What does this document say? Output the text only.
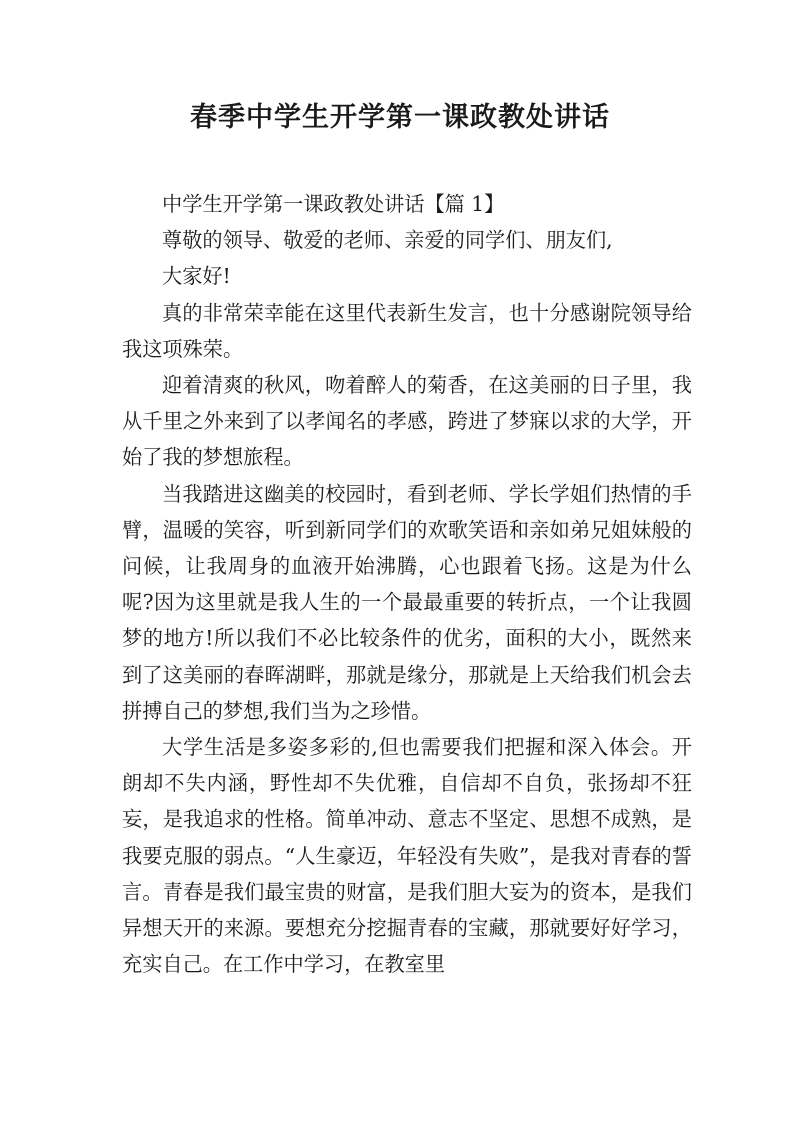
春季中学生开学第一课政教处讲话

中学生开学第一课政教处讲话【篇 1】

尊敬的领导、敬爱的老师、亲爱的同学们、朋友们,

大家好!

真的非常荣幸能在这里代表新生发言，也十分感谢院领导给我这项殊荣。

迎着清爽的秋风，吻着醉人的菊香，在这美丽的日子里，我从千里之外来到了以孝闻名的孝感，跨进了梦寐以求的大学，开始了我的梦想旅程。

当我踏进这幽美的校园时，看到老师、学长学姐们热情的手臂，温暖的笑容，听到新同学们的欢歌笑语和亲如弟兄姐妹般的问候，让我周身的血液开始沸腾，心也跟着飞扬。这是为什么呢?因为这里就是我人生的一个最最重要的转折点，一个让我圆梦的地方!所以我们不必比较条件的优劣，面积的大小，既然来到了这美丽的春晖湖畔，那就是缘分，那就是上天给我们机会去拼搏自己的梦想,我们当为之珍惜。

大学生活是多姿多彩的,但也需要我们把握和深入体会。开朗却不失内涵，野性却不失优雅，自信却不自负，张扬却不狂妄，是我追求的性格。简单冲动、意志不坚定、思想不成熟，是我要克服的弱点。“人生豪迈，年轻没有失败”，是我对青春的誓言。青春是我们最宝贵的财富，是我们胆大妄为的资本，是我们异想天开的来源。要想充分挖掘青春的宝藏，那就要好好学习，充实自己。在工作中学习，在教室里
